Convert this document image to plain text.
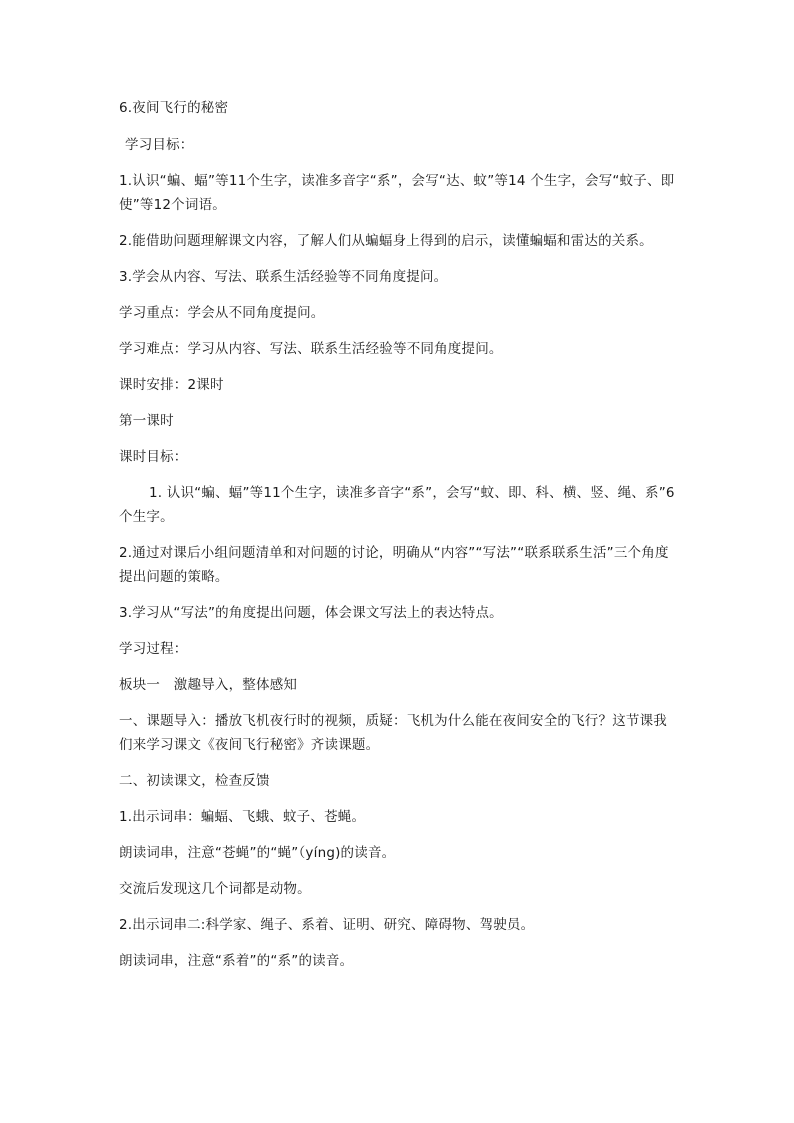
6.夜间飞行的秘密

学习目标：

1.认识“蝙、蝠”等11个生字，读准多音字“系”，会写“达、蚊”等14 个生字，会写“蚊子、即使”等12个词语。

2.能借助问题理解课文内容，了解人们从蝙蝠身上得到的启示，读懂蝙蝠和雷达的关系。

3.学会从内容、写法、联系生活经验等不同角度提问。

学习重点：学会从不同角度提问。

学习难点：学习从内容、写法、联系生活经验等不同角度提问。

课时安排：2课时

第一课时

课时目标：

1. 认识“蝙、蝠”等11个生字，读准多音字“系”，会写“蚊、即、科、横、竖、绳、系”6 个生字。

2.通过对课后小组问题清单和对问题的讨论，明确从“内容”“写法”“联系联系生活”三个角度提出问题的策略。

3.学习从“写法”的角度提出问题，体会课文写法上的表达特点。

学习过程：

板块一　激趣导入，整体感知

一、课题导入：播放飞机夜行时的视频，质疑：飞机为什么能在夜间安全的飞行？这节课我们来学习课文《夜间飞行秘密》齐读课题。

二、初读课文，检查反馈

1.出示词串：蝙蝠、飞蛾、蚊子、苍蝇。

朗读词串，注意“苍蝇”的“蝇”（yíng)的读音。

交流后发现这几个词都是动物。

2.出示词串二:科学家、绳子、系着、证明、研究、障碍物、驾驶员。

朗读词串，注意“系着”的“系”的读音。
